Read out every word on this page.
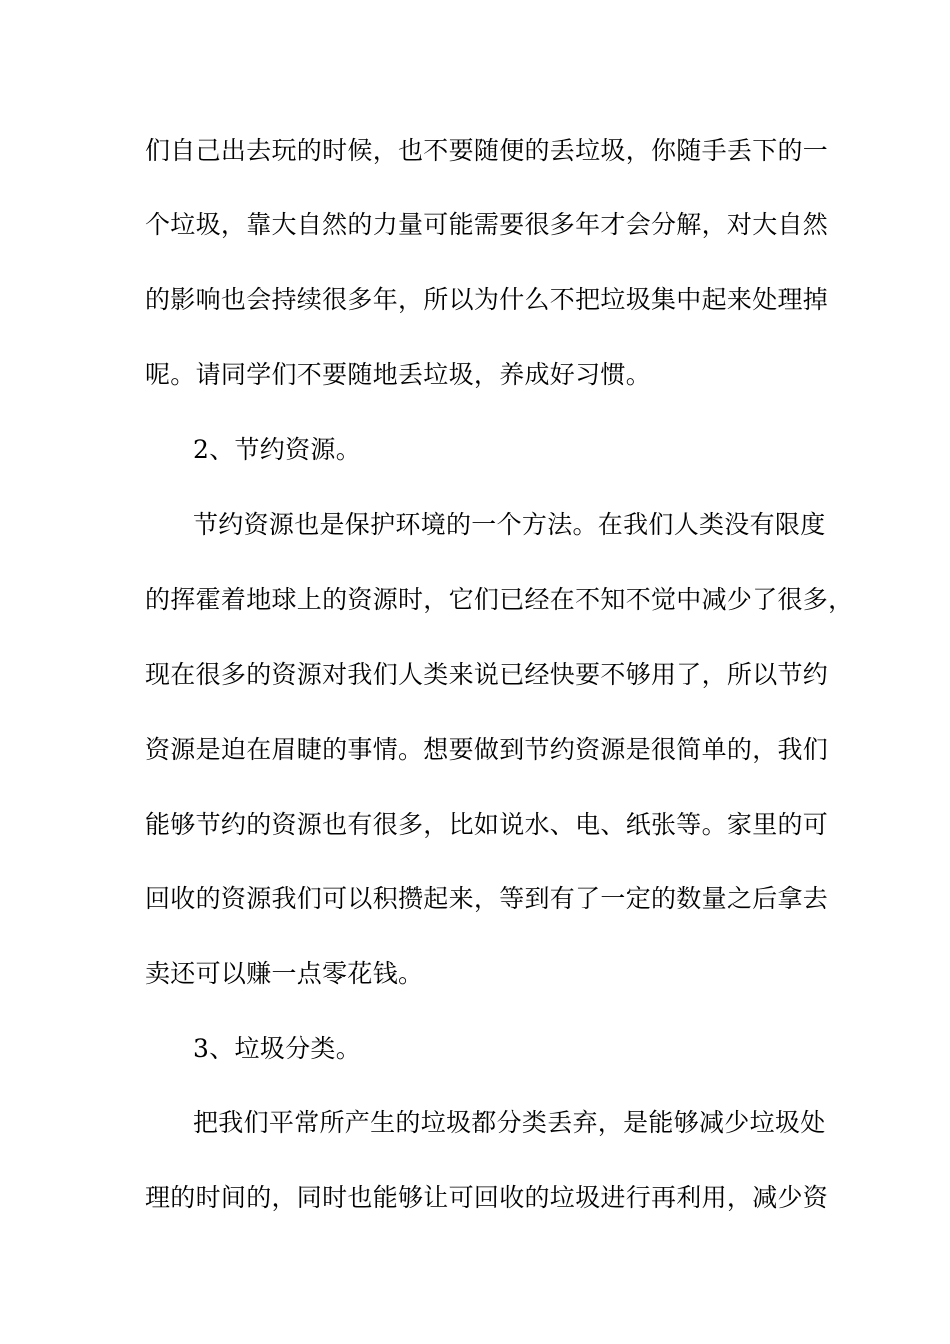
们自己出去玩的时候，也不要随便的丢垃圾，你随手丢下的一
个垃圾，靠大自然的力量可能需要很多年才会分解，对大自然
的影响也会持续很多年，所以为什么不把垃圾集中起来处理掉
呢。请同学们不要随地丢垃圾，养成好习惯。
2、节约资源。
节约资源也是保护环境的一个方法。在我们人类没有限度
的挥霍着地球上的资源时，它们已经在不知不觉中减少了很多，
现在很多的资源对我们人类来说已经快要不够用了，所以节约
资源是迫在眉睫的事情。想要做到节约资源是很简单的，我们
能够节约的资源也有很多，比如说水、电、纸张等。家里的可
回收的资源我们可以积攒起来，等到有了一定的数量之后拿去
卖还可以赚一点零花钱。
3、垃圾分类。
把我们平常所产生的垃圾都分类丢弃，是能够减少垃圾处
理的时间的，同时也能够让可回收的垃圾进行再利用，减少资
